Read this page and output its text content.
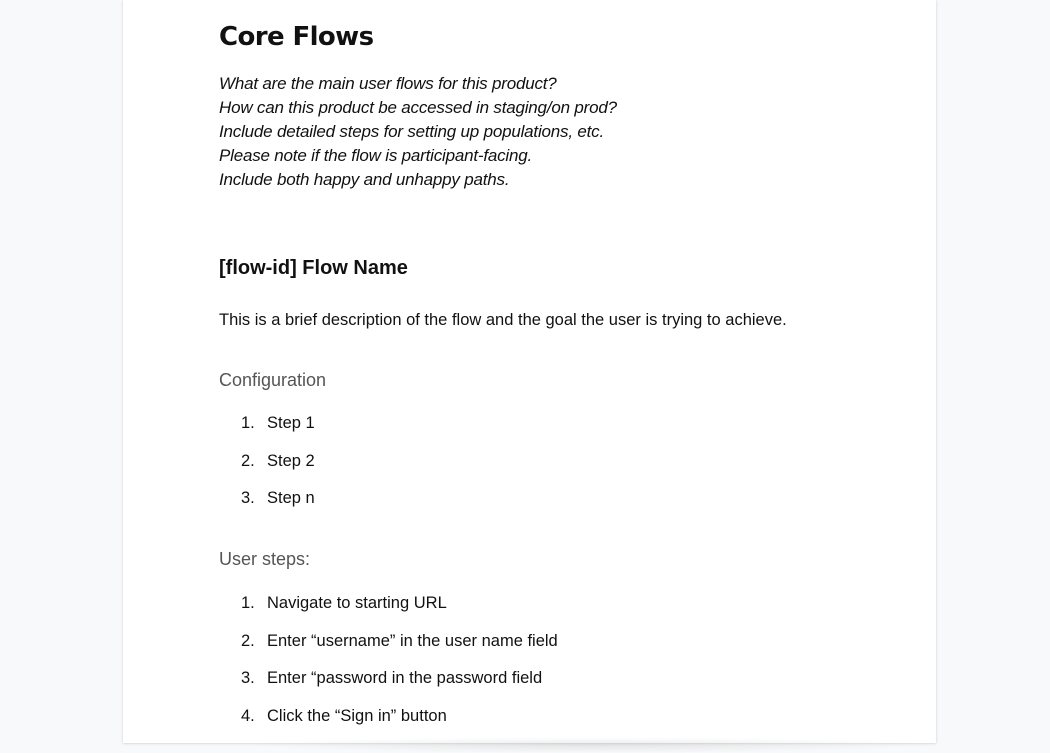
Core Flows
What are the main user flows for this product?
How can this product be accessed in staging/on prod?
Include detailed steps for setting up populations, etc.
Please note if the flow is participant-facing.
Include both happy and unhappy paths.
[flow-id] Flow Name

This is a brief description of the flow and the goal the user is trying to achieve.

Configuration
1. Step 1
2. Step 2
3. Step n
User steps:
1. Navigate to starting URL
2. Enter “username” in the user name field
3. Enter “password in the password field
4. Click the “Sign in” button
